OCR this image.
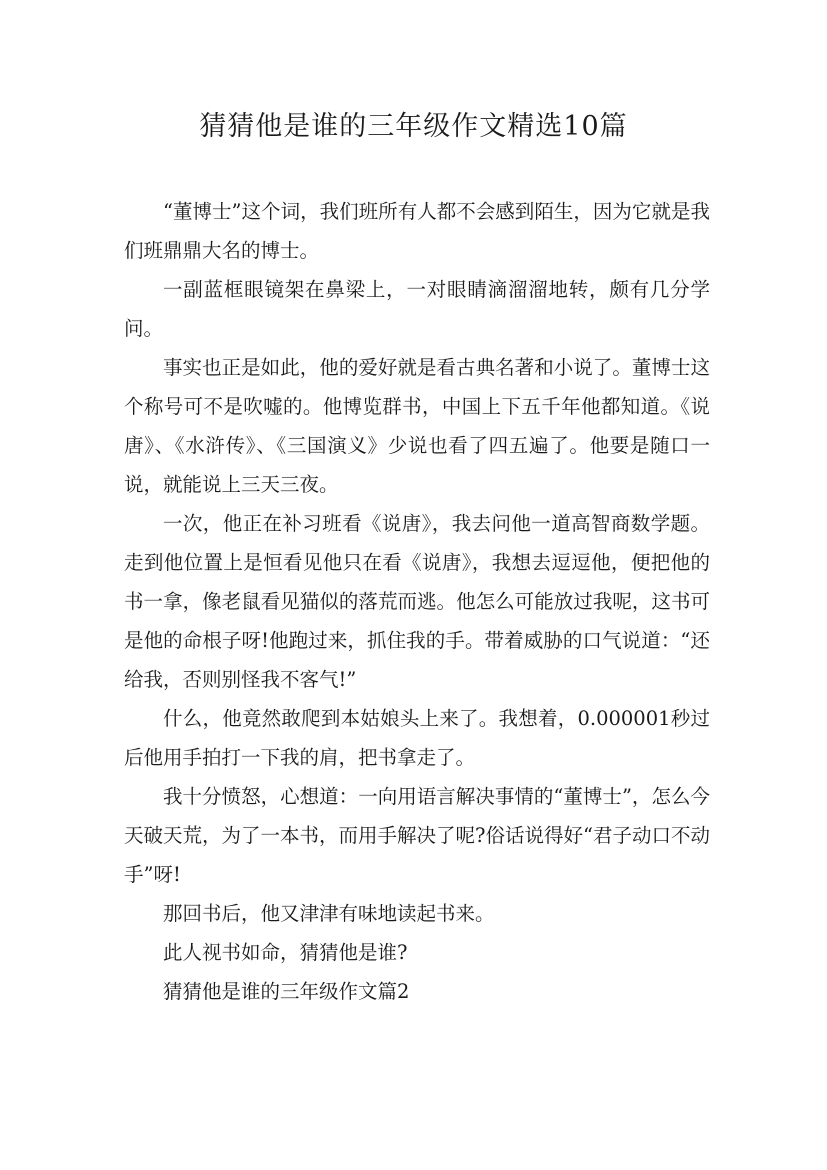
猜猜他是谁的三年级作文精选10篇

“董博士”这个词，我们班所有人都不会感到陌生，因为它就是我们班鼎鼎大名的博士。

一副蓝框眼镜架在鼻梁上，一对眼睛滴溜溜地转，颇有几分学问。

事实也正是如此，他的爱好就是看古典名著和小说了。董博士这个称号可不是吹嘘的。他博览群书，中国上下五千年他都知道。《说唐》、《水浒传》、《三国演义》少说也看了四五遍了。他要是随口一说，就能说上三天三夜。

一次，他正在补习班看《说唐》，我去问他一道高智商数学题。走到他位置上是恒看见他只在看《说唐》，我想去逗逗他，便把他的书一拿，像老鼠看见猫似的落荒而逃。他怎么可能放过我呢，这书可是他的命根子呀!他跑过来，抓住我的手。带着威胁的口气说道：“还给我，否则别怪我不客气!”

什么，他竟然敢爬到本姑娘头上来了。我想着，0.000001秒过后他用手拍打一下我的肩，把书拿走了。

我十分愤怒，心想道：一向用语言解决事情的“董博士”，怎么今天破天荒，为了一本书，而用手解决了呢?俗话说得好“君子动口不动手”呀!

那回书后，他又津津有味地读起书来。

此人视书如命，猜猜他是谁?

猜猜他是谁的三年级作文篇2
